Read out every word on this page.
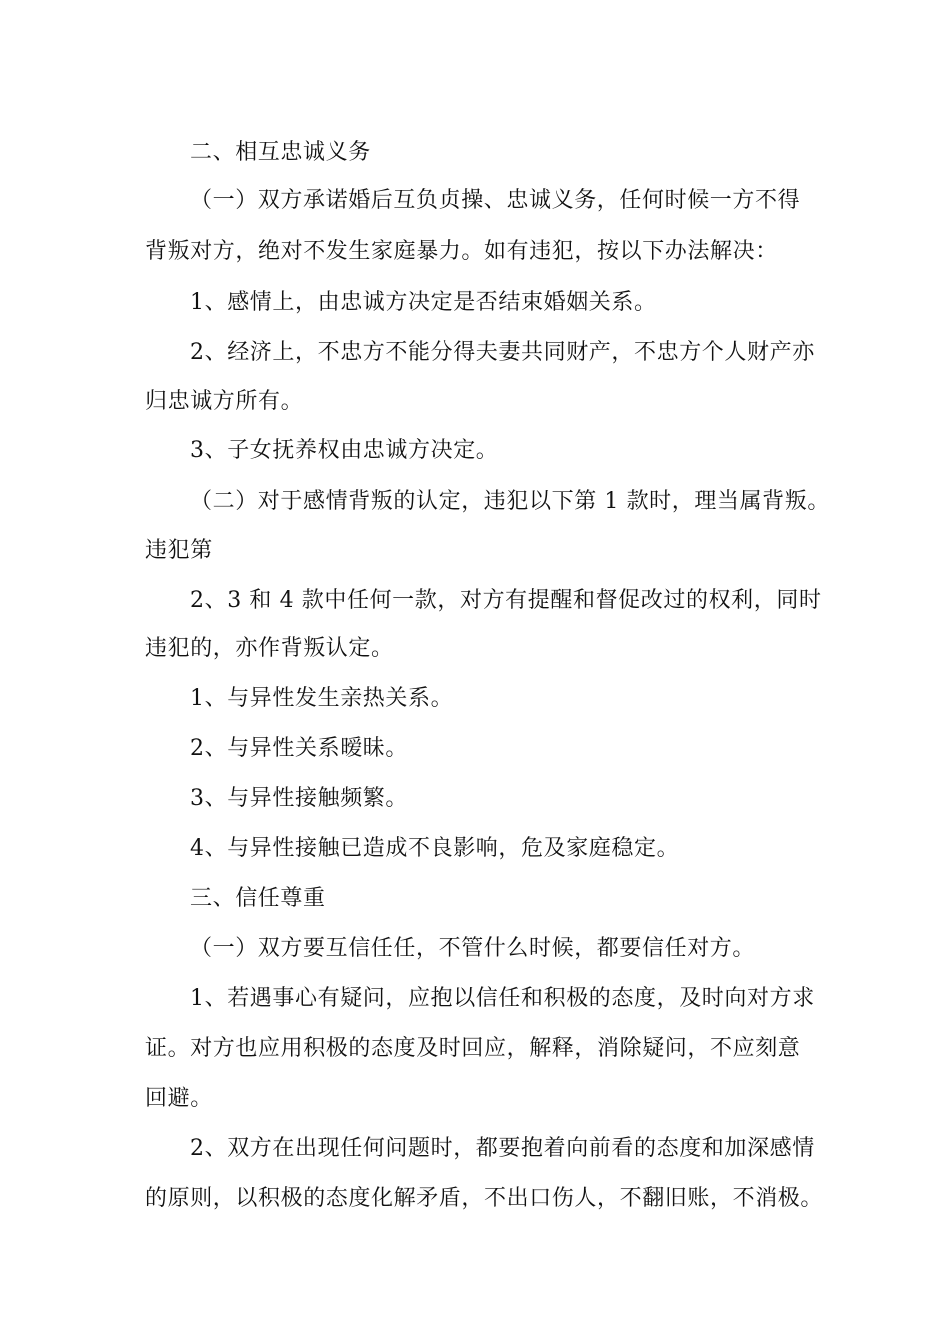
二、相互忠诚义务
（一）双方承诺婚后互负贞操、忠诚义务，任何时候一方不得
背叛对方，绝对不发生家庭暴力。如有违犯，按以下办法解决：
1、感情上，由忠诚方决定是否结束婚姻关系。
2、经济上，不忠方不能分得夫妻共同财产，不忠方个人财产亦
归忠诚方所有。
3、子女抚养权由忠诚方决定。
（二）对于感情背叛的认定，违犯以下第 1 款时，理当属背叛。
违犯第
2、3 和 4 款中任何一款，对方有提醒和督促改过的权利，同时
违犯的，亦作背叛认定。
1、与异性发生亲热关系。
2、与异性关系暧昧。
3、与异性接触频繁。
4、与异性接触已造成不良影响，危及家庭稳定。
三、信任尊重
（一）双方要互信任任，不管什么时候，都要信任对方。
1、若遇事心有疑问，应抱以信任和积极的态度，及时向对方求
证。对方也应用积极的态度及时回应，解释，消除疑问，不应刻意
回避。
2、双方在出现任何问题时，都要抱着向前看的态度和加深感情
的原则，以积极的态度化解矛盾，不出口伤人，不翻旧账，不消极。
